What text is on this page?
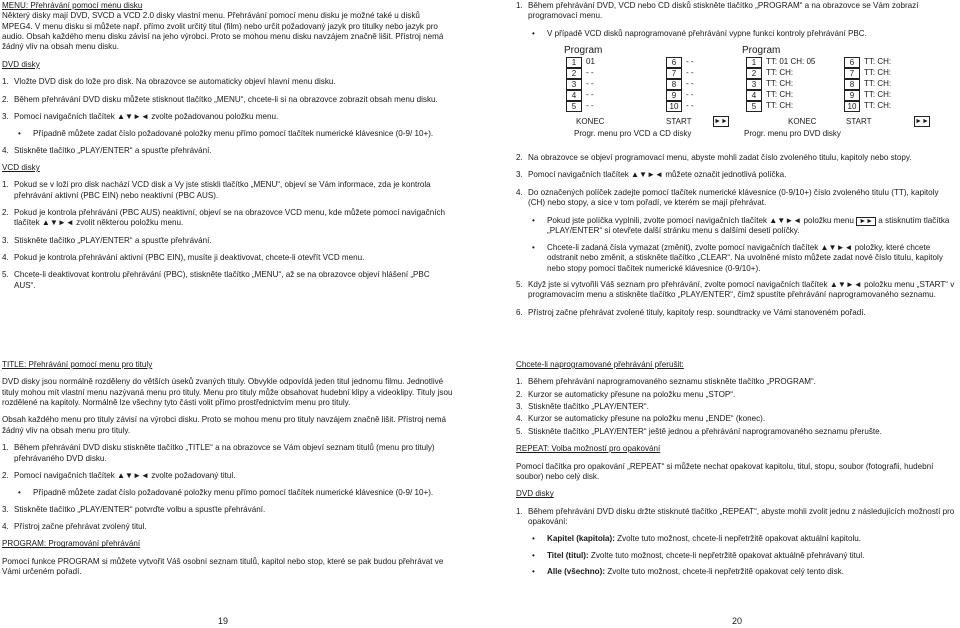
MENU: Přehrávání pomocí menu disku

Některý disky mají DVD, SVCD a VCD 2.0 disky vlastní menu. Přehrávání pomocí menu disku je možné také u disků MPEG4. V menu disku si můžete např. přímo zvolit určitý titul (film) nebo určit požadovaný jazyk pro titulky nebo jazyk pro audio. Obsah každého menu disku závisí na jeho výrobci. Proto se mohou menu disku navzájem značně lišit. Přístroj nemá žádný vliv na obsah menu disku.

DVD disky

1. Vložte DVD disk do lože pro disk. Na obrazovce se automaticky objeví hlavní menu disku.
2. Během přehrávání DVD disku můžete stisknout tlačítko „MENU“, chcete-li si na obrazovce zobrazit obsah menu disku.
3. Pomocí navigačních tlačítek ▲▼►◄ zvolte požadovanou položku menu.
•	Případně můžete zadat číslo požadované položky menu přímo pomocí tlačítek numerické klávesnice (0-9/ 10+).
4. Stiskněte tlačítko „PLAY/ENTER“ a spusťte přehrávání.

VCD disky

1. Pokud se v loži pro disk nachází VCD disk a Vy jste stiskli tlačítko „MENU“, objeví se Vám informace, zda je kontrola přehrávání aktivní (PBC EIN) nebo neaktivní (PBC AUS).
2. Pokud je kontrola přehrávání (PBC AUS) neaktivní, objeví se na obrazovce VCD menu, kde můžete pomocí navigačních tlačítek ▲▼►◄ zvolit některou položku menu.
3. Stiskněte tlačítko „PLAY/ENTER“ a spusťte přehrávání.
4. Pokud je kontrola přehrávání aktivní (PBC EIN), musíte ji deaktivovat, chcete-li otevřít VCD menu.
5. Chcete-li deaktivovat kontrolu přehrávání (PBC), stiskněte tlačítko „MENU“, až se na obrazovce objeví hlášení „PBC AUS“.

TITLE: Přehrávání pomocí menu pro tituly

DVD disky jsou normálně rozděleny do větších úseků zvaných tituly. Obvykle odpovídá jeden titul jednomu filmu. Jednotlivé tituly mohou mít vlastní menu nazývaná menu pro tituly. Menu pro tituly může obsahovat hudební klipy a videoklipy. Tituly jsou rozdělené na kapitoly. Normálně lze všechny tyto části volit přímo prostřednictvím menu pro tituly.

Obsah každého menu pro tituly závisí na výrobci disku. Proto se mohou menu pro tituly navzájem značně lišit. Přístroj nemá žádný vliv na obsah menu pro tituly.

1. Během přehrávání DVD disku stiskněte tlačítko „TITLE“ a na obrazovce se Vám objeví seznam titulů (menu pro tituly) přehrávaného DVD disku.
2. Pomocí navigačních tlačítek ▲▼►◄ zvolte požadovaný titul.
•	Případně můžete zadat číslo požadované položky menu přímo pomocí tlačítek numerické klávesnice (0-9/ 10+).
3. Stiskněte tlačítko „PLAY/ENTER“ potvrďte volbu a spusťte přehrávání.
4. Přístroj začne přehrávat zvolený titul.

PROGRAM: Programování přehrávání

Pomocí funkce PROGRAM si můžete vytvořit Váš osobní seznam titulů, kapitol nebo stop, které se pak budou přehrávat ve Vámi určeném pořadí.

19
1. Během přehrávání DVD, VCD nebo CD disků stiskněte tlačítko „PROGRAM“ a na obrazovce se Vám zobrazí programovací menu.
•	V případě VCD disků naprogramované přehrávání vypne funkci kontroly přehrávání PBC.
Program	Program
1	01	6	- -	1	TT: 01 CH: 05	6	TT: CH:
2	- -	7	- -	2	TT: CH:	7	TT: CH:
3	- -	8	- -	3	TT: CH:	8	TT: CH:
4	- -	9	- -	4	TT: CH:	9	TT: CH:
5	- -	10 - -	5	TT: CH:	10 TT: CH:
KONEC	START	►►	KONEC	START	►►
Progr. menu pro VCD a CD disky	Progr. menu pro DVD disky
2. Na obrazovce se objeví programovací menu, abyste mohli zadat číslo zvoleného titulu, kapitoly nebo stopy.
3. Pomocí navigačních tlačítek ▲▼►◄ můžete označit jednotlivá políčka.
4. Do označených políček zadejte pomocí tlačítek numerické klávesnice (0-9/10+) číslo zvoleného titulu (TT), kapitoly (CH) nebo stopy, a sice v tom pořadí, ve kterém se mají přehrávat.
•	Pokud jste políčka vyplnili, zvolte pomocí navigačních tlačítek ▲▼►◄ položku menu ►► a stisknutím tlačítka „PLAY/ENTER“ si otevřete další stránku menu s dalšími deseti políčky.
•	Chcete-li zadaná čísla vymazat (změnit), zvolte pomocí navigačních tlačítek ▲▼►◄ položky, které chcete odstranit nebo změnit, a stiskněte tlačítko „CLEAR“. Na uvolněné místo můžete zadat nové číslo titulu, kapitoly nebo stopy pomocí tlačítek numerické klávesnice (0-9/10+).
5. Když jste si vytvořili Váš seznam pro přehrávání, zvolte pomocí navigačních tlačítek ▲▼►◄ položku menu „START“ v programovacím menu a stiskněte tlačítko „PLAY/ENTER“, čímž spustíte přehrávání naprogramovaného seznamu.
6. Přístroj začne přehrávat zvolené tituly, kapitoly resp. soundtracky ve Vámi stanoveném pořadí.

Chcete-li naprogramované přehrávání přerušit:

1. Během přehrávání naprogramovaného seznamu stiskněte tlačítko „PROGRAM“.
2. Kurzor se automaticky přesune na položku menu „STOP“.
3. Stiskněte tlačítko „PLAY/ENTER“.
4. Kurzor se automaticky přesune na položku menu „ENDE“ (konec).
5. Stiskněte tlačítko „PLAY/ENTER“ ještě jednou a přehrávání naprogramovaného seznamu přerušte.

REPEAT: Volba možností pro opakování

Pomocí tlačítka pro opakování „REPEAT“ si můžete nechat opakovat kapitolu, titul, stopu, soubor (fotografii, hudební soubor) nebo celý disk.

DVD disky

1. Během přehrávání DVD disku držte stisknuté tlačítko „REPEAT“, abyste mohli zvolit jednu z následujících možností pro opakování:
•	Kapitel (kapitola): Zvolte tuto možnost, chcete-li nepřetržitě opakovat aktuální kapitolu.
•	Titel (titul): Zvolte tuto možnost, chcete-li nepřetržitě opakovat aktuálně přehrávaný titul.
•	Alle (všechno): Zvolte tuto možnost, chcete-li nepřetržitě opakovat celý tento disk.
20
